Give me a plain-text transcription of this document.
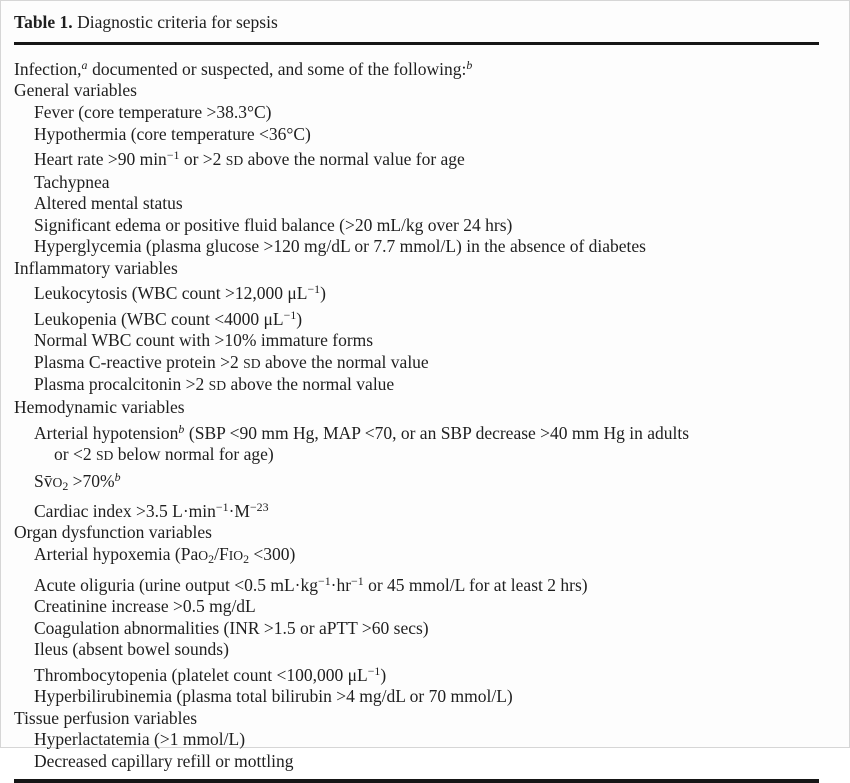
Table 1. Diagnostic criteria for sepsis
Infection,$^a$ documented or suspected, and some of the following:$^b$
General variables
Fever (core temperature >38.3°C)
Hypothermia (core temperature <36°C)
Heart rate >90 $\min^{-1}$ or >2 SD above the normal value for age
Tachypnea
Altered mental status
Significant edema or positive fluid balance (>20 mL/kg over 24 hrs)
Hyperglycemia (plasma glucose >120 mg/dL or 7.7 mmol/L) in the absence of diabetes
Inflammatory variables
Leukocytosis (WBC count >12,000 $\mu L^{-1}$)
Leukopenia (WBC count <4000 $\mu L^{-1}$)
Normal WBC count with >10% immature forms
Plasma C-reactive protein >2 SD above the normal value
Plasma procalcitonin >2 SD above the normal value
Hemodynamic variables
Arterial hypotension$^b$ (SBP <90 mm Hg, MAP <70, or an SBP decrease >40 mm Hg in adults
or <2 SD below normal for age)
Sv̄O2 >70%$^b$
Cardiac index >3.5 $L\cdot\min^{-1}\cdot M^{-23}$
Organ dysfunction variables
Arterial hypoxemia (PaO2/FIO2 <300)
Acute oliguria (urine output <0.5 $mL\cdot kg^{-1}\cdot hr^{-1}$ or 45 mmol/L for at least 2 hrs)
Creatinine increase >0.5 mg/dL
Coagulation abnormalities (INR >1.5 or aPTT >60 secs)
Ileus (absent bowel sounds)
Thrombocytopenia (platelet count <100,000 $\mu L^{-1}$)
Hyperbilirubinemia (plasma total bilirubin >4 mg/dL or 70 mmol/L)
Tissue perfusion variables
Hyperlactatemia (>1 mmol/L)
Decreased capillary refill or mottling
